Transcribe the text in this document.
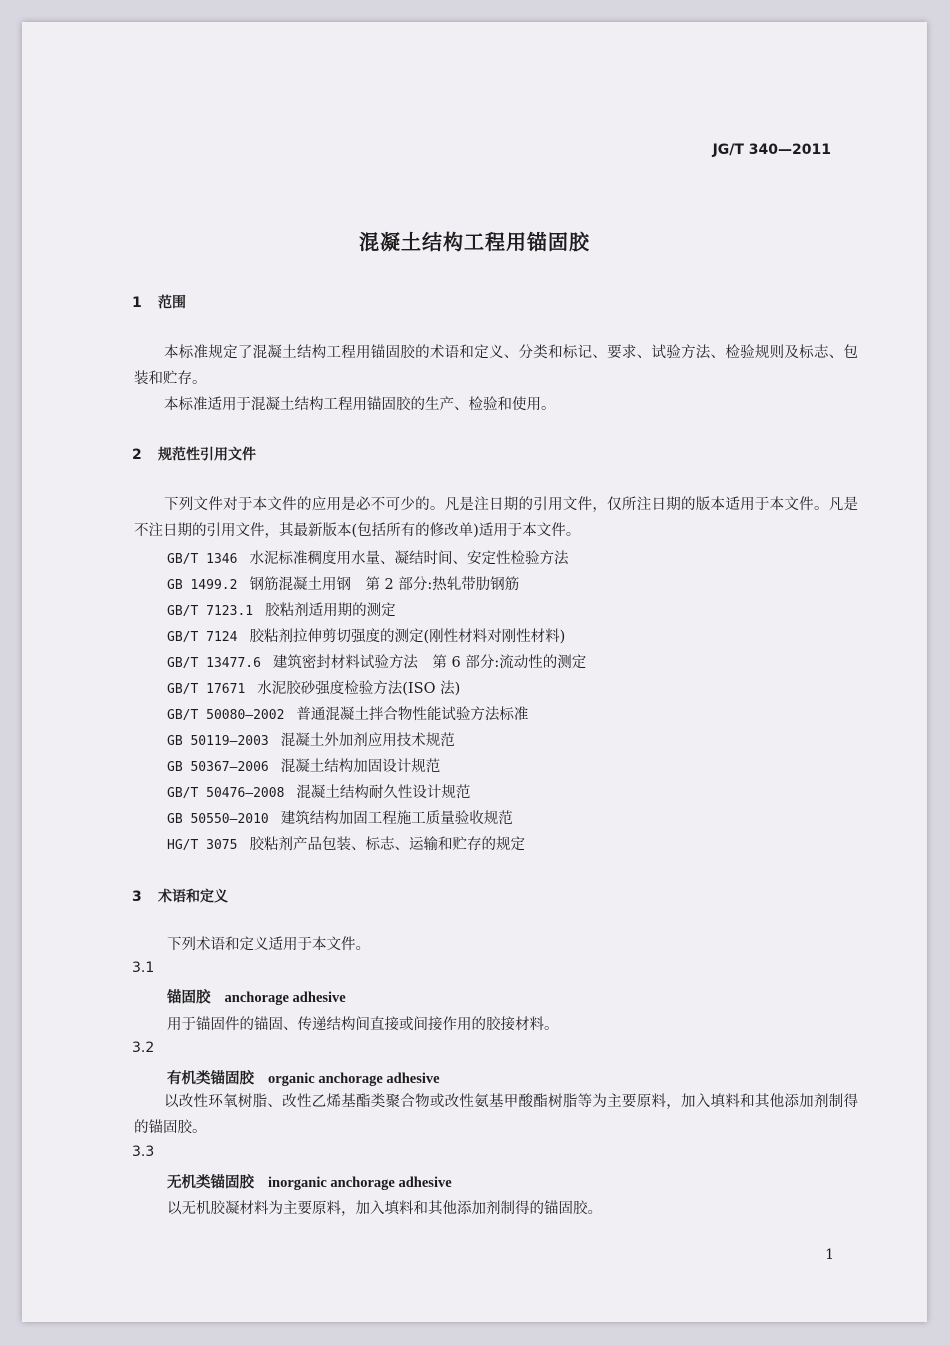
JG/T 340—2011
混凝土结构工程用锚固胶
1 范围
本标准规定了混凝土结构工程用锚固胶的术语和定义、分类和标记、要求、试验方法、检验规则及标志、包装和贮存。
本标准适用于混凝土结构工程用锚固胶的生产、检验和使用。
2 规范性引用文件
下列文件对于本文件的应用是必不可少的。凡是注日期的引用文件，仅所注日期的版本适用于本文件。凡是不注日期的引用文件，其最新版本(包括所有的修改单)适用于本文件。
GB/T 1346 水泥标准稠度用水量、凝结时间、安定性检验方法
GB 1499.2 钢筋混凝土用钢　第 2 部分:热轧带肋钢筋
GB/T 7123.1 胶粘剂适用期的测定
GB/T 7124 胶粘剂拉伸剪切强度的测定(刚性材料对刚性材料)
GB/T 13477.6 建筑密封材料试验方法　第 6 部分:流动性的测定
GB/T 17671 水泥胶砂强度检验方法(ISO 法)
GB/T 50080—2002 普通混凝土拌合物性能试验方法标准
GB 50119—2003 混凝土外加剂应用技术规范
GB 50367—2006 混凝土结构加固设计规范
GB/T 50476—2008 混凝土结构耐久性设计规范
GB 50550—2010 建筑结构加固工程施工质量验收规范
HG/T 3075 胶粘剂产品包装、标志、运输和贮存的规定
3 术语和定义
下列术语和定义适用于本文件。
3.1
锚固胶 anchorage adhesive
用于锚固件的锚固、传递结构间直接或间接作用的胶接材料。
3.2
有机类锚固胶 organic anchorage adhesive
以改性环氧树脂、改性乙烯基酯类聚合物或改性氨基甲酸酯树脂等为主要原料，加入填料和其他添加剂制得的锚固胶。
3.3
无机类锚固胶 inorganic anchorage adhesive
以无机胶凝材料为主要原料，加入填料和其他添加剂制得的锚固胶。
1
